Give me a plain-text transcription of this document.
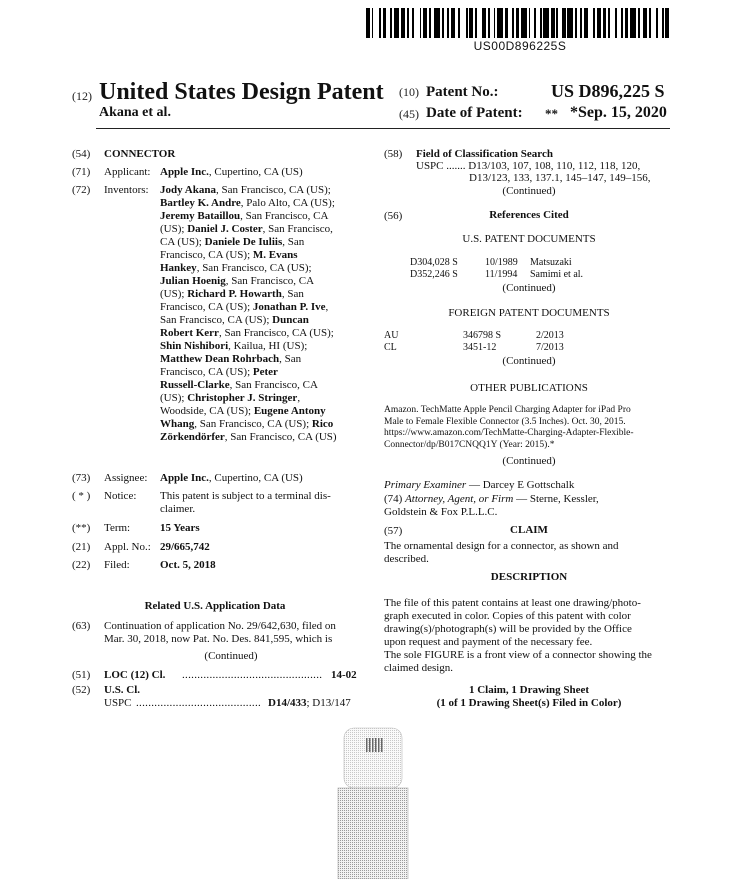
US00D896225S
(12) United States Design Patent
Akana et al.
(10) Patent No.:	US D896,225 S
(45) Date of Patent: ** *Sep. 15, 2020
(54) CONNECTOR
(71) Applicant: Apple Inc., Cupertino, CA (US)
(72) Inventors: Jody Akana, San Francisco, CA (US);
Bartley K. Andre, Palo Alto, CA (US);
Jeremy Bataillou, San Francisco, CA
(US); Daniel J. Coster, San Francisco,
CA (US); Daniele De Iuliis, San
Francisco, CA (US); M. Evans
Hankey, San Francisco, CA (US);
Julian Hoenig, San Francisco, CA
(US); Richard P. Howarth, San
Francisco, CA (US); Jonathan P. Ive,
San Francisco, CA (US); Duncan
Robert Kerr, San Francisco, CA (US);
Shin Nishibori, Kailua, HI (US);
Matthew Dean Rohrbach, San
Francisco, CA (US); Peter
Russell-Clarke, San Francisco, CA
(US); Christopher J. Stringer,
Woodside, CA (US); Eugene Antony
Whang, San Francisco, CA (US); Rico
Zörkendörfer, San Francisco, CA (US)
(73) Assignee: Apple Inc., Cupertino, CA (US)
( * ) Notice: This patent is subject to a terminal dis-
claimer.
(**) Term:	15 Years
(21) Appl. No.: 29/665,742
(22) Filed:	Oct. 5, 2018
Related U.S. Application Data
(63) Continuation of application No. 29/642,630, filed on
Mar. 30, 2018, now Pat. No. Des. 841,595, which is
(Continued)
(51) LOC (12) Cl. .............................................. 14-02
(52) U.S. Cl.
USPC ......................................... D14/433; D13/147
(58) Field of Classification Search
USPC ....... D13/103, 107, 108, 110, 112, 118, 120,
D13/123, 133, 137.1, 145–147, 149–156,
(Continued)
(56)	References Cited
U.S. PATENT DOCUMENTS
D304,028 S	10/1989 Matsuzaki
D352,246 S	11/1994 Samimi et al.
(Continued)
FOREIGN PATENT DOCUMENTS
AU	346798 S	2/2013
CL	3451-12	7/2013
(Continued)
OTHER PUBLICATIONS
Amazon. TechMatte Apple Pencil Charging Adapter for iPad Pro
Male to Female Flexible Connector (3.5 Inches). Oct. 30, 2015.
https://www.amazon.com/TechMatte-Charging-Adapter-Flexible-
Connector/dp/B017CNQQ1Y (Year: 2015).*
(Continued)
Primary Examiner — Darcey E Gottschalk
(74) Attorney, Agent, or Firm — Sterne, Kessler,
Goldstein & Fox P.L.L.C.
(57)	CLAIM
The ornamental design for a connector, as shown and
described.
DESCRIPTION
The file of this patent contains at least one drawing/photo-
graph executed in color. Copies of this patent with color
drawing(s)/photograph(s) will be provided by the Office
upon request and payment of the necessary fee.
The sole FIGURE is a front view of a connector showing the
claimed design.
1 Claim, 1 Drawing Sheet
(1 of 1 Drawing Sheet(s) Filed in Color)
